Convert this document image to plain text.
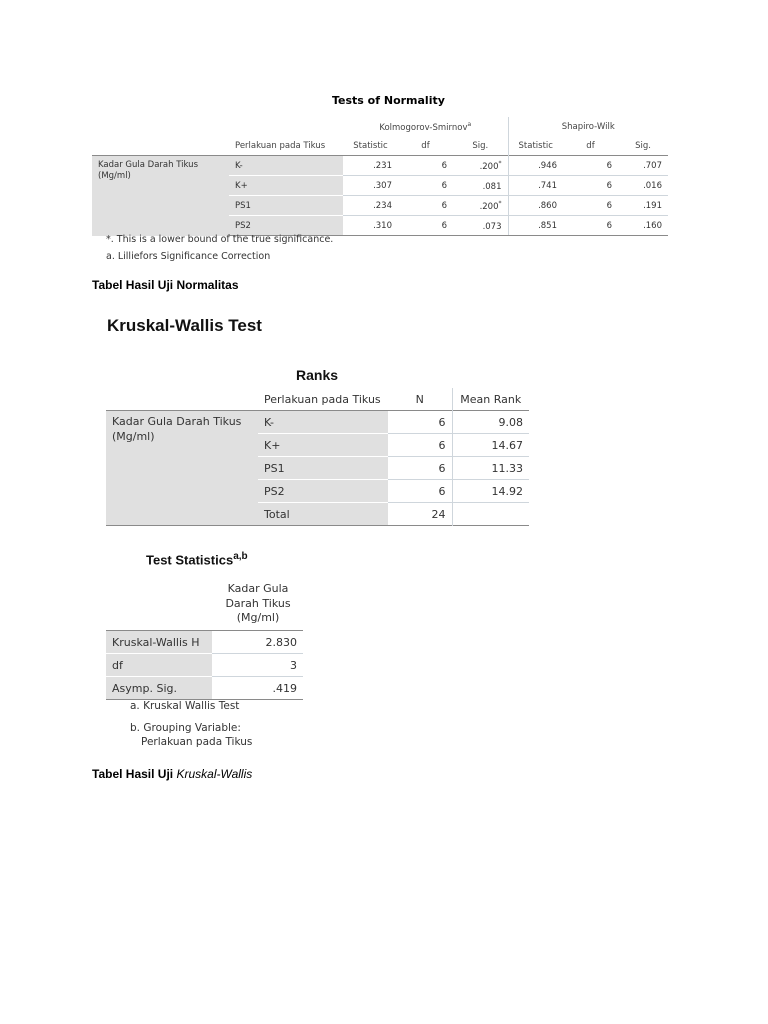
Tests of Normality
		Kolmogorov-Smirnov$^a$			Shapiro-Wilk		
	Perlakuan pada Tikus	Statistic	df	Sig.	Statistic	df	Sig.
Kadar Gula Darah Tikus (Mg/ml)	K-	.231	6	.200*	.946	6	.707
	K+	.307	6	.081	.741	6	.016
	PS1	.234	6	.200*	.860	6	.191
	PS2	.310	6	.073	.851	6	.160
*. This is a lower bound of the true significance.
a. Lilliefors Significance Correction
Tabel Hasil Uji Normalitas
Kruskal-Wallis Test
Ranks
	Perlakuan pada Tikus	N	Mean Rank
Kadar Gula Darah Tikus (Mg/ml)	K-	6	9.08
	K+	6	14.67
	PS1	6	11.33
	PS2	6	14.92
	Total	24	
Test Statistics$^{a,b}$
Kadar Gula Darah Tikus (Mg/ml)
Kruskal-Wallis H	2.830
df	3
Asymp. Sig.	.419
a. Kruskal Wallis Test
b. Grouping Variable:
Perlakuan pada Tikus
Tabel Hasil Uji Kruskal-Wallis
